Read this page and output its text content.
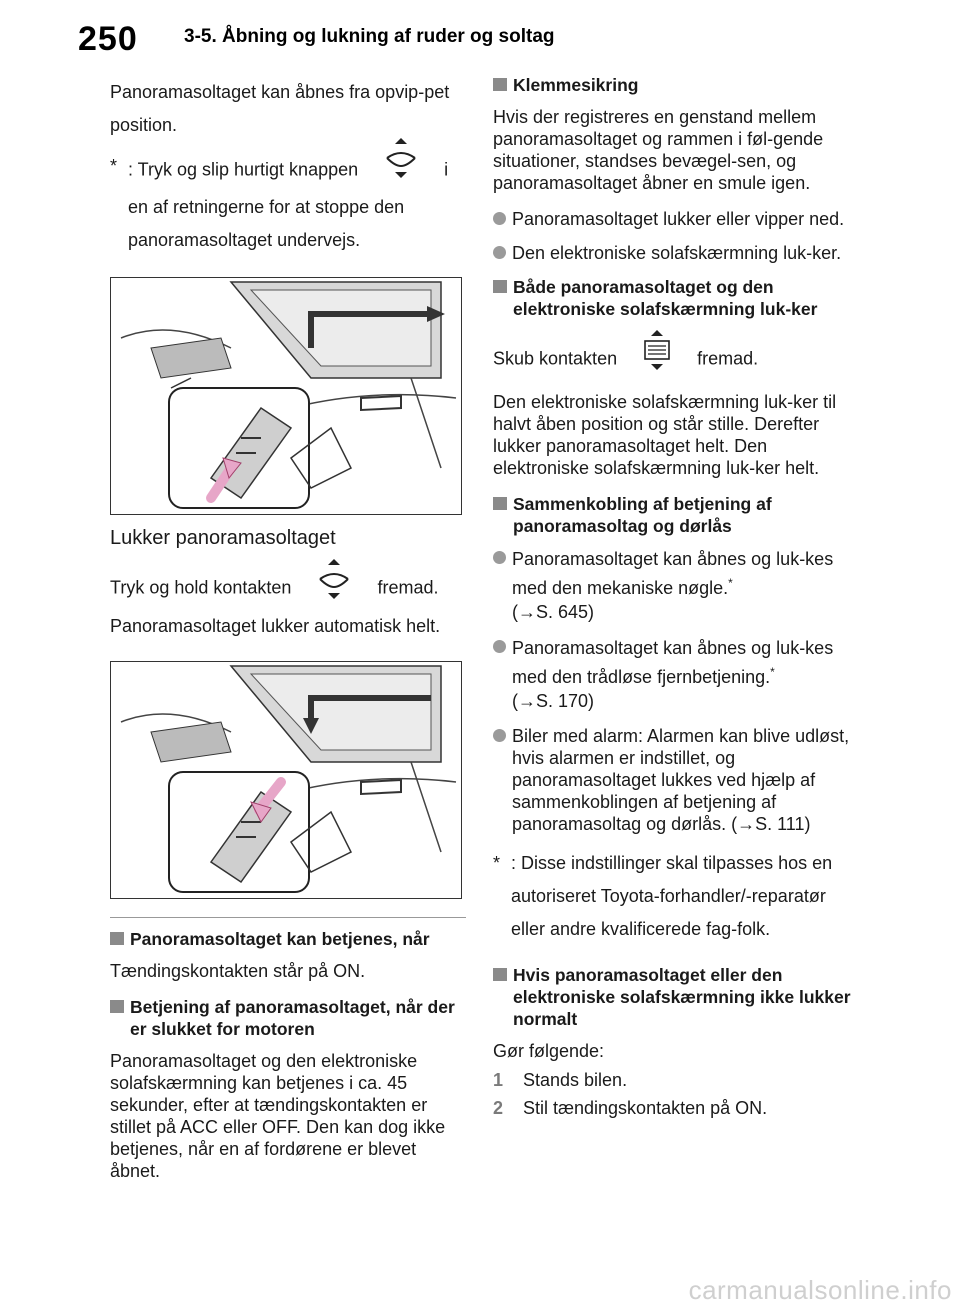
250 3-5. Åbning og lukning af ruder og soltag

Panoramasoltaget kan åbnes fra opvip-pet position.

* : Tryk og slip hurtigt knappen	i
en af retningerne for at stoppe den panoramasoltaget undervejs.

Lukker panoramasoltaget

Tryk og hold kontakten	fremad.

Panoramasoltaget lukker automatisk helt.

Panoramasoltaget kan betjenes, når

Tændingskontakten står på ON.

Betjening af panoramasoltaget, når der er slukket for motoren

Panoramasoltaget og den elektroniske solafskærmning kan betjenes i ca. 45 sekunder, efter at tændingskontakten er stillet på ACC eller OFF. Den kan dog ikke betjenes, når en af fordørene er blevet åbnet.

Klemmesikring

Hvis der registreres en genstand mellem panoramasoltaget og rammen i føl-gende situationer, standses bevægel-sen, og panoramasoltaget åbner en smule igen.

Panoramasoltaget lukker eller vipper ned.
Den elektroniske solafskærmning luk-ker.
Både panoramasoltaget og den elektroniske solafskærmning luk-ker

Skub kontakten	fremad.

Den elektroniske solafskærmning luk-ker til halvt åben position og står stille. Derefter lukker panoramasoltaget helt. Den elektroniske solafskærmning luk-ker helt.

Sammenkobling af betjening af panoramasoltag og dørlås
Panoramasoltaget kan åbnes og luk-kes med den mekaniske nøgle.*
(→S. 645)
Panoramasoltaget kan åbnes og luk-kes med den trådløse fjernbetjening.*
(→S. 170)
Biler med alarm: Alarmen kan blive udløst, hvis alarmen er indstillet, og panoramasoltaget lukkes ved hjælp af sammenkoblingen af betjening af panoramasoltag og dørlås. (→S. 111)
* : Disse indstillinger skal tilpasses hos en autoriseret Toyota-forhandler/-reparatør eller andre kvalificerede fag-folk.
Hvis panoramasoltaget eller den elektroniske solafskærmning ikke lukker normalt

Gør følgende:

1	Stands bilen.
2	Stil tændingskontakten på ON.
carmanualsonline.info
